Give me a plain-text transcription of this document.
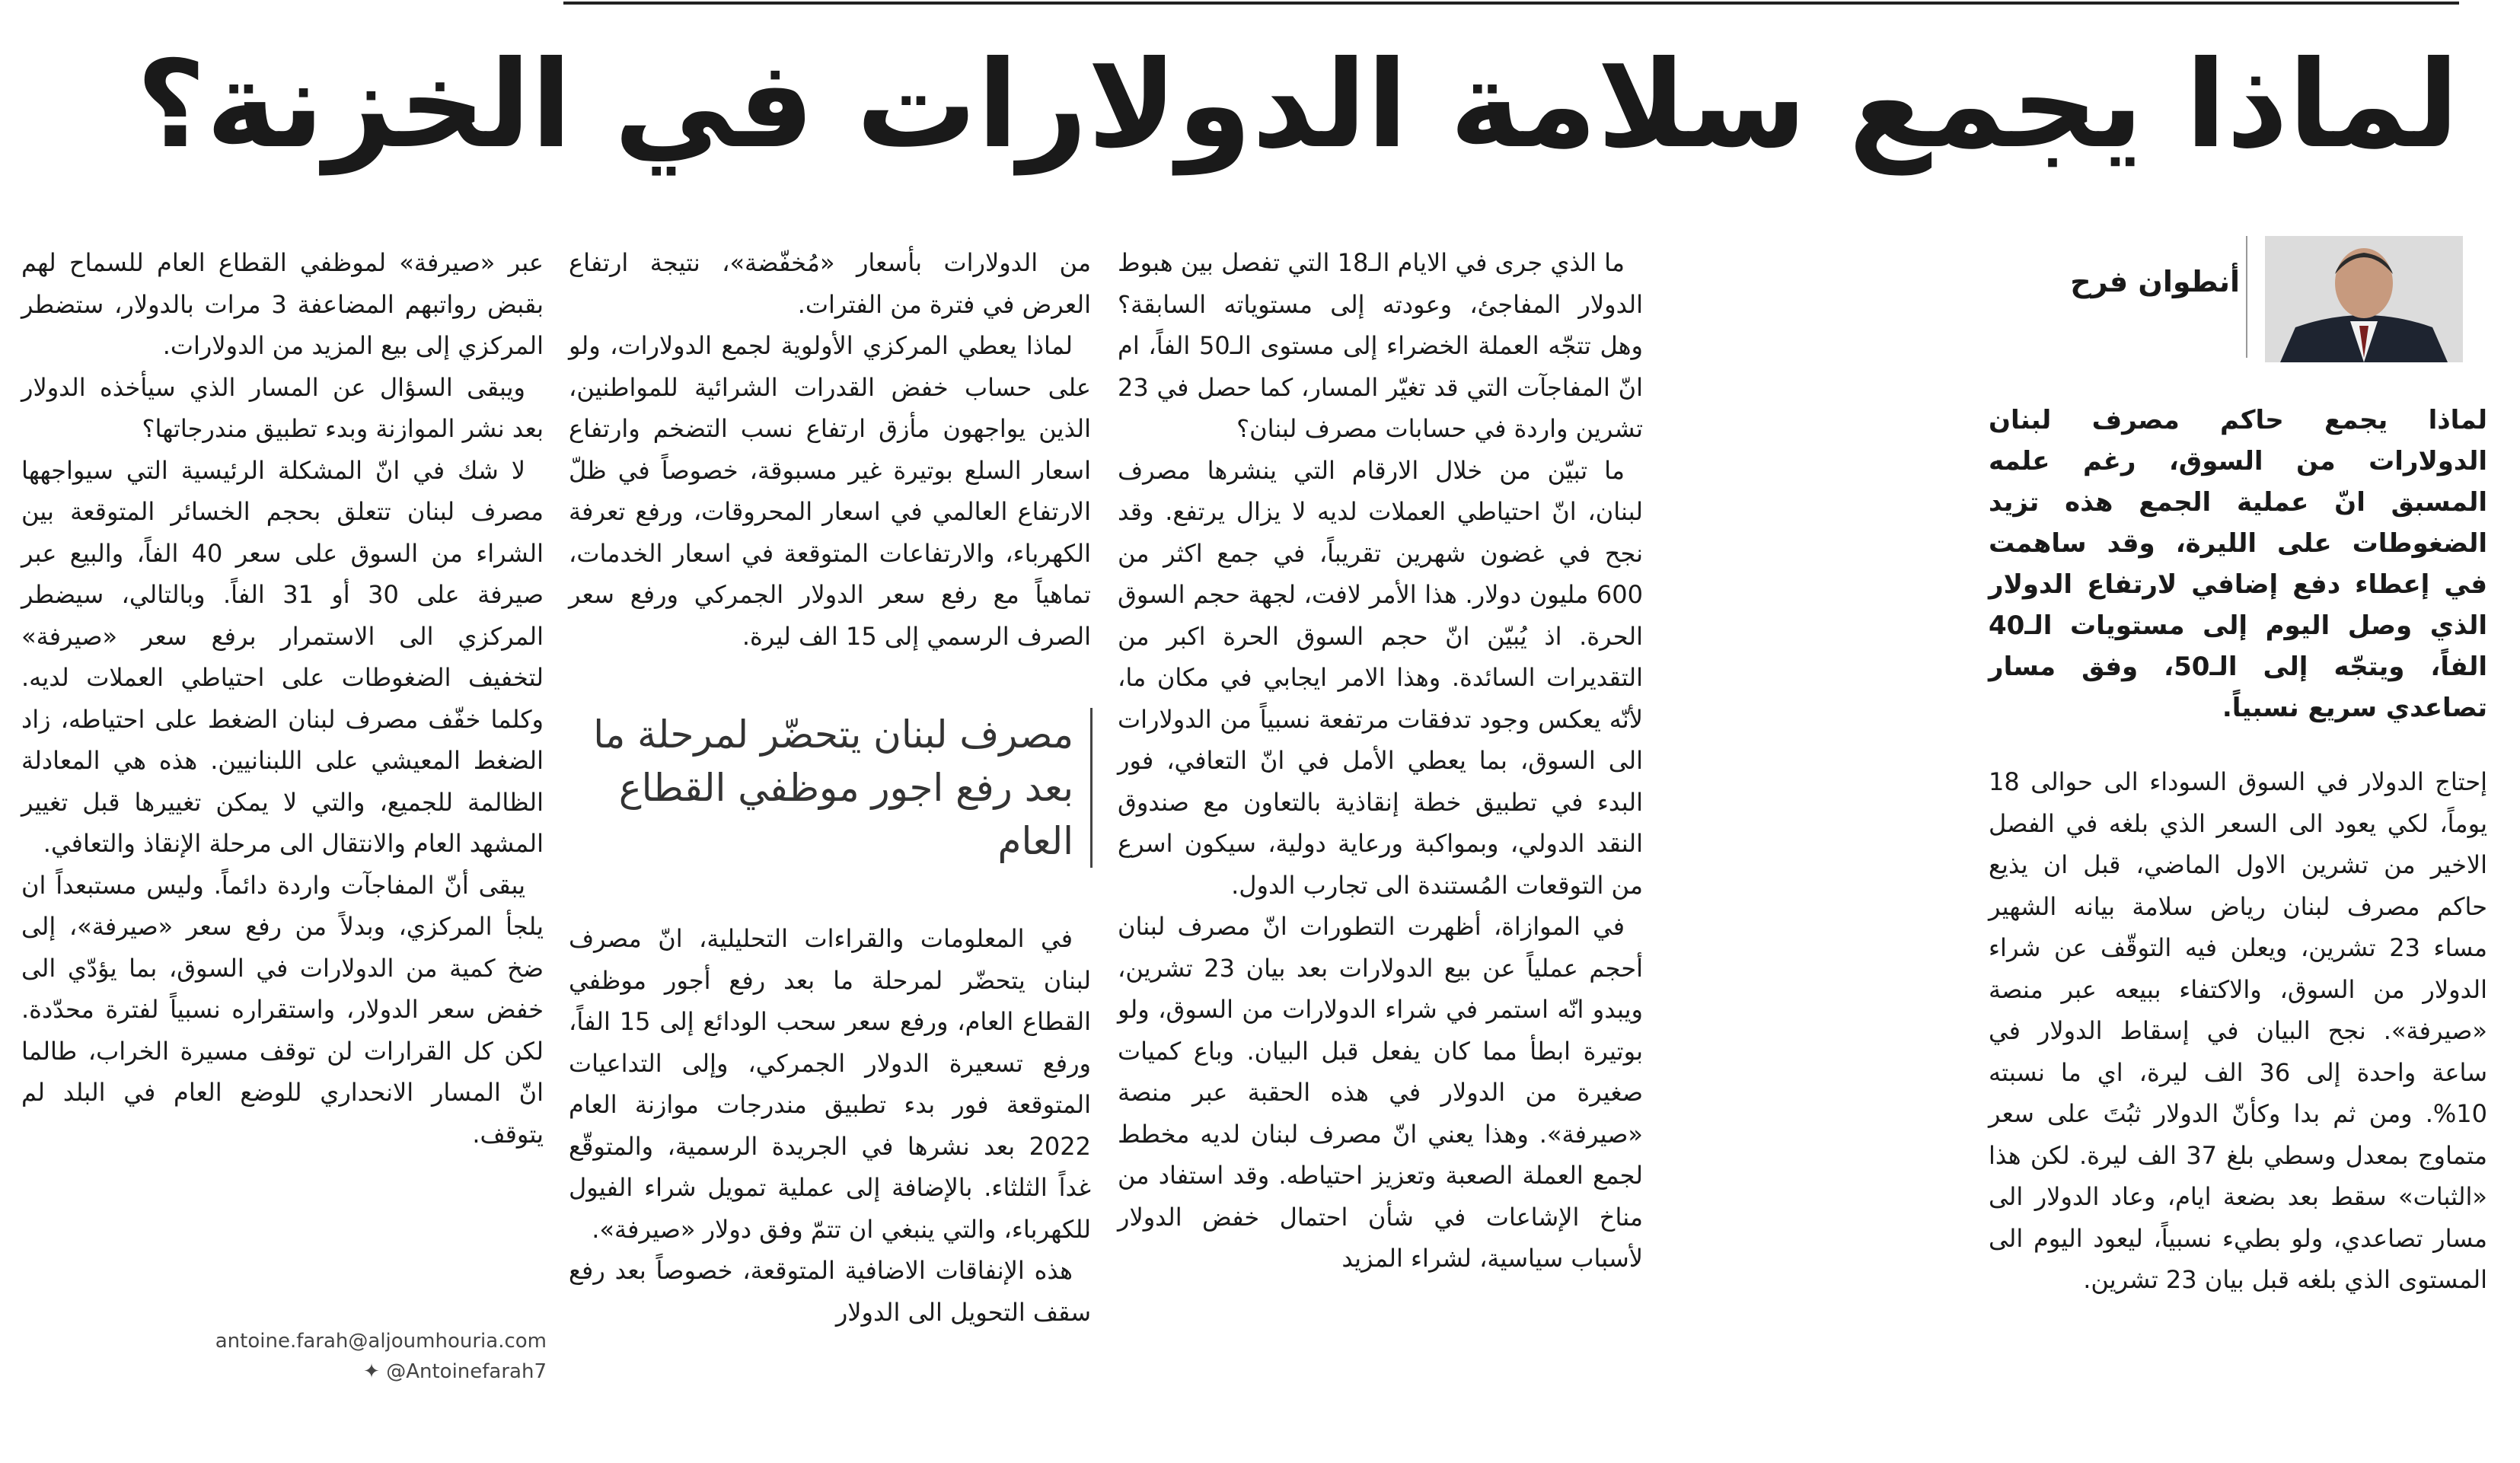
لماذا يجمع سلامة الدولارات في الخزنة؟
أنطوان فرح
لماذا يجمع حاكم مصرف لبنان الدولارات من السوق، رغم علمه المسبق انّ عملية الجمع هذه تزيد الضغوطات على الليرة، وقد ساهمت في إعطاء دفع إضافي لارتفاع الدولار الذي وصل اليوم إلى مستويات الـ40 الفاً، ويتجّه إلى الـ50، وفق مسار تصاعدي سريع نسبياً.

إحتاج الدولار في السوق السوداء الى حوالى 18 يوماً، لكي يعود الى السعر الذي بلغه في الفصل الاخير من تشرين الاول الماضي، قبل ان يذيع حاكم مصرف لبنان رياض سلامة بيانه الشهير مساء 23 تشرين، ويعلن فيه التوقّف عن شراء الدولار من السوق، والاكتفاء ببيعه عبر منصة «صيرفة». نجح البيان في إسقاط الدولار في ساعة واحدة إلى 36 الف ليرة، اي ما نسبته 10%. ومن ثم بدا وكأنّ الدولار ثبُتَ على سعر متماوج بمعدل وسطي بلغ 37 الف ليرة. لكن هذا «الثبات» سقط بعد بضعة ايام، وعاد الدولار الى مسار تصاعدي، ولو بطيء نسبياً، ليعود اليوم الى المستوى الذي بلغه قبل بيان 23 تشرين.

ما الذي جرى في الايام الـ18 التي تفصل بين هبوط الدولار المفاجئ، وعودته إلى مستوياته السابقة؟ وهل تتجّه العملة الخضراء إلى مستوى الـ50 الفاً، ام انّ المفاجآت التي قد تغيّر المسار، كما حصل في 23 تشرين واردة في حسابات مصرف لبنان؟

ما تبيّن من خلال الارقام التي ينشرها مصرف لبنان، انّ احتياطي العملات لديه لا يزال يرتفع. وقد نجح في غضون شهرين تقريباً، في جمع اكثر من 600 مليون دولار. هذا الأمر لافت، لجهة حجم السوق الحرة. اذ يُبيّن انّ حجم السوق الحرة اكبر من التقديرات السائدة. وهذا الامر ايجابي في مكان ما، لأنّه يعكس وجود تدفقات مرتفعة نسبياً من الدولارات الى السوق، بما يعطي الأمل في انّ التعافي، فور البدء في تطبيق خطة إنقاذية بالتعاون مع صندوق النقد الدولي، وبمواكبة ورعاية دولية، سيكون اسرع من التوقعات المُستندة الى تجارب الدول.

في الموازاة، أظهرت التطورات انّ مصرف لبنان أحجم عملياً عن بيع الدولارات بعد بيان 23 تشرين، ويبدو انّه استمر في شراء الدولارات من السوق، ولو بوتيرة ابطأ مما كان يفعل قبل البيان. وباع كميات صغيرة من الدولار في هذه الحقبة عبر منصة «صيرفة». وهذا يعني انّ مصرف لبنان لديه مخطط لجمع العملة الصعبة وتعزيز احتياطه. وقد استفاد من مناخ الإشاعات في شأن احتمال خفض الدولار لأسباب سياسية، لشراء المزيد

من الدولارات بأسعار «مُخفّضة»، نتيجة ارتفاع العرض في فترة من الفترات.

لماذا يعطي المركزي الأولوية لجمع الدولارات، ولو على حساب خفض القدرات الشرائية للمواطنين، الذين يواجهون مأزق ارتفاع نسب التضخم وارتفاع اسعار السلع بوتيرة غير مسبوقة، خصوصاً في ظلّ الارتفاع العالمي في اسعار المحروقات، ورفع تعرفة الكهرباء، والارتفاعات المتوقعة في اسعار الخدمات، تماهياً مع رفع سعر الدولار الجمركي ورفع سعر الصرف الرسمي إلى 15 الف ليرة.

مصرف لبنان يتحضّر لمرحلة ما بعد رفع اجور موظفي القطاع العام

في المعلومات والقراءات التحليلية، انّ مصرف لبنان يتحضّر لمرحلة ما بعد رفع أجور موظفي القطاع العام، ورفع سعر سحب الودائع إلى 15 الفاً، ورفع تسعيرة الدولار الجمركي، وإلى التداعيات المتوقعة فور بدء تطبيق مندرجات موازنة العام 2022 بعد نشرها في الجريدة الرسمية، والمتوقّع غداً الثلثاء. بالإضافة إلى عملية تمويل شراء الفيول للكهرباء، والتي ينبغي ان تتمّ وفق دولار «صيرفة».

هذه الإنفاقات الاضافية المتوقعة، خصوصاً بعد رفع سقف التحويل الى الدولار

عبر «صيرفة» لموظفي القطاع العام للسماح لهم بقبض رواتبهم المضاعفة 3 مرات بالدولار، ستضطر المركزي إلى بيع المزيد من الدولارات.

ويبقى السؤال عن المسار الذي سيأخذه الدولار بعد نشر الموازنة وبدء تطبيق مندرجاتها؟

لا شك في انّ المشكلة الرئيسية التي سيواجهها مصرف لبنان تتعلق بحجم الخسائر المتوقعة بين الشراء من السوق على سعر 40 الفاً، والبيع عبر صيرفة على 30 أو 31 الفاً. وبالتالي، سيضطر المركزي الى الاستمرار برفع سعر «صيرفة» لتخفيف الضغوطات على احتياطي العملات لديه. وكلما خفّف مصرف لبنان الضغط على احتياطه، زاد الضغط المعيشي على اللبنانيين. هذه هي المعادلة الظالمة للجميع، والتي لا يمكن تغييرها قبل تغيير المشهد العام والانتقال الى مرحلة الإنقاذ والتعافي.

يبقى أنّ المفاجآت واردة دائماً. وليس مستبعداً ان يلجأ المركزي، وبدلاً من رفع سعر «صيرفة»، إلى ضخ كمية من الدولارات في السوق، بما يؤدّي الى خفض سعر الدولار، واستقراره نسبياً لفترة محدّدة. لكن كل القرارات لن توقف مسيرة الخراب، طالما انّ المسار الانحداري للوضع العام في البلد لم يتوقف.

antoine.farah@aljoumhouria.com
✦ @Antoinefarah7
